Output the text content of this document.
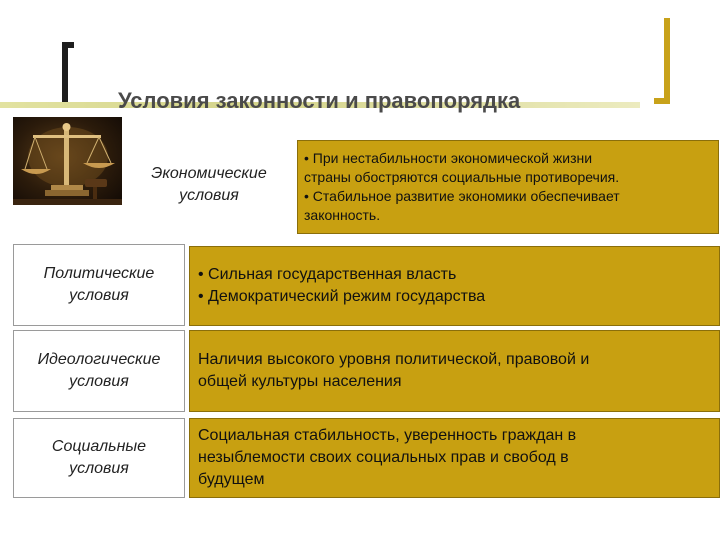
Условия законности и правопорядка
Экономические
условия
• При нестабильности экономической жизни
страны обостряются социальные противоречия.
• Стабильное развитие экономики обеспечивает
законность.
Политические
условия
• Сильная государственная власть
• Демократический режим государства
Идеологические
условия
Наличия высокого уровня политической, правовой и
общей культуры населения
Социальные
условия
Социальная стабильность, уверенность граждан в
незыблемости своих социальных прав и свобод в
будущем
